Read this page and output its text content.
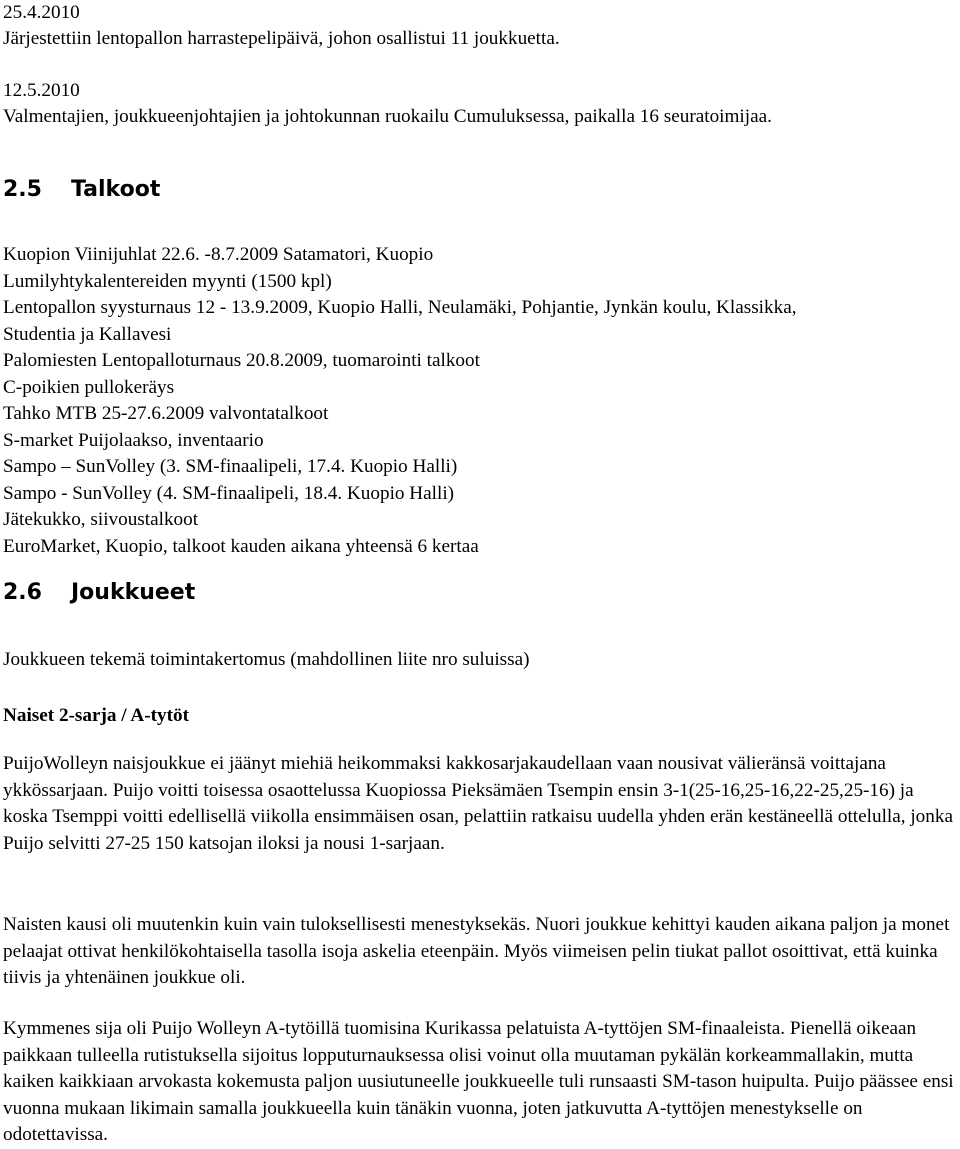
25.4.2010
Järjestettiin lentopallon harrastepelipäivä, johon osallistui 11 joukkuetta.
12.5.2010
Valmentajien, joukkueenjohtajien ja johtokunnan ruokailu Cumuluksessa, paikalla 16 seuratoimijaa.
2.5 Talkoot
Kuopion Viinijuhlat 22.6. -8.7.2009 Satamatori, Kuopio
Lumilyhtykalentereiden myynti (1500 kpl)
Lentopallon syysturnaus 12 - 13.9.2009, Kuopio Halli, Neulamäki, Pohjantie, Jynkän koulu, Klassikka,
Studentia ja Kallavesi
Palomiesten Lentopalloturnaus 20.8.2009, tuomarointi talkoot
C-poikien pullokeräys
Tahko MTB 25-27.6.2009 valvontatalkoot
S-market Puijolaakso, inventaario
Sampo – SunVolley (3. SM-finaalipeli, 17.4. Kuopio Halli)
Sampo - SunVolley (4. SM-finaalipeli, 18.4. Kuopio Halli)
Jätekukko, siivoustalkoot
EuroMarket, Kuopio, talkoot kauden aikana yhteensä 6 kertaa
2.6 Joukkueet
Joukkueen tekemä toimintakertomus (mahdollinen liite nro suluissa)
Naiset 2-sarja / A-tytöt
PuijoWolleyn naisjoukkue ei jäänyt miehiä heikommaksi kakkosarjakaudellaan vaan nousivat välieränsä voittajana ykkössarjaan. Puijo voitti toisessa osaottelussa Kuopiossa Pieksämäen Tsempin ensin 3-1(25-16,25-16,22-25,25-16) ja koska Tsemppi voitti edellisellä viikolla ensimmäisen osan, pelattiin ratkaisu uudella yhden erän kestäneellä ottelulla, jonka Puijo selvitti 27-25 150 katsojan iloksi ja nousi 1-sarjaan.
Naisten kausi oli muutenkin kuin vain tuloksellisesti menestyksekäs. Nuori joukkue kehittyi kauden aikana paljon ja monet pelaajat ottivat henkilökohtaisella tasolla isoja askelia eteenpäin. Myös viimeisen pelin tiukat pallot osoittivat, että kuinka tiivis ja yhtenäinen joukkue oli.
Kymmenes sija oli Puijo Wolleyn A-tytöillä tuomisina Kurikassa pelatuista A-tyttöjen SM-finaaleista. Pienellä oikeaan paikkaan tulleella rutistuksella sijoitus lopputurnauksessa olisi voinut olla muutaman pykälän korkeammallakin, mutta kaiken kaikkiaan arvokasta kokemusta paljon uusiutuneelle joukkueelle tuli runsaasti SM-tason huipulta. Puijo päässee ensi vuonna mukaan likimain samalla joukkueella kuin tänäkin vuonna, joten jatkuvutta A-tyttöjen menestykselle on odotettavissa.
